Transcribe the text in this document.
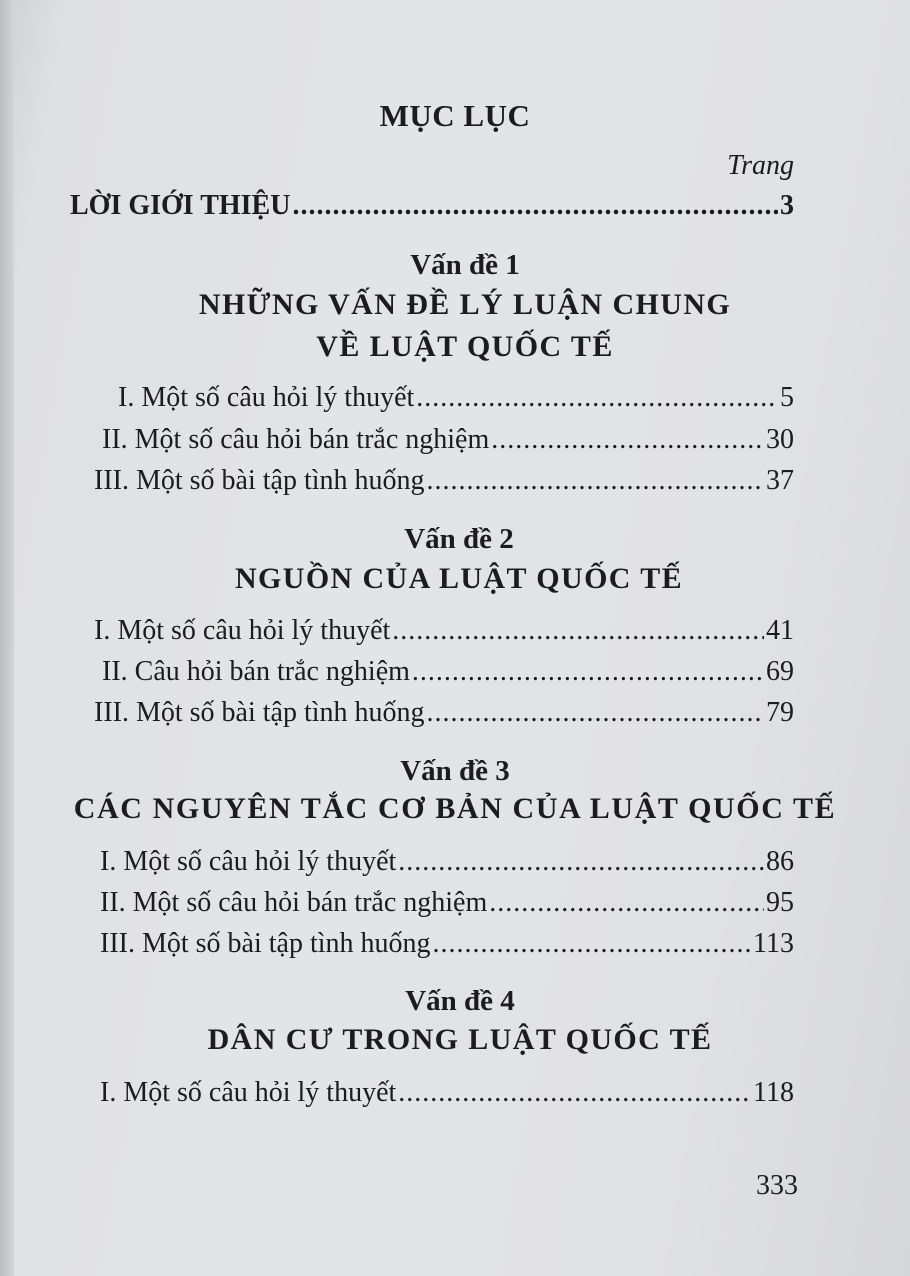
MỤC LỤC
Trang
LỜI GIỚI THIỆU .....	3
Vấn đề 1
NHỮNG VẤN ĐỀ LÝ LUẬN CHUNG
VỀ LUẬT QUỐC TẾ
I. Một số câu hỏi lý thuyết .....	5
II. Một số câu hỏi bán trắc nghiệm .....	30
III. Một số bài tập tình huống .....	37
Vấn đề 2
NGUỒN CỦA LUẬT QUỐC TẾ
I. Một số câu hỏi lý thuyết .....	41
II. Câu hỏi bán trắc nghiệm .....	69
III. Một số bài tập tình huống .....	79
Vấn đề 3
CÁC NGUYÊN TẮC CƠ BẢN CỦA LUẬT QUỐC TẾ
I. Một số câu hỏi lý thuyết .....	86
II. Một số câu hỏi bán trắc nghiệm .....	95
III. Một số bài tập tình huống .....	113
Vấn đề 4
DÂN CƯ TRONG LUẬT QUỐC TẾ
I. Một số câu hỏi lý thuyết .....	118
333
